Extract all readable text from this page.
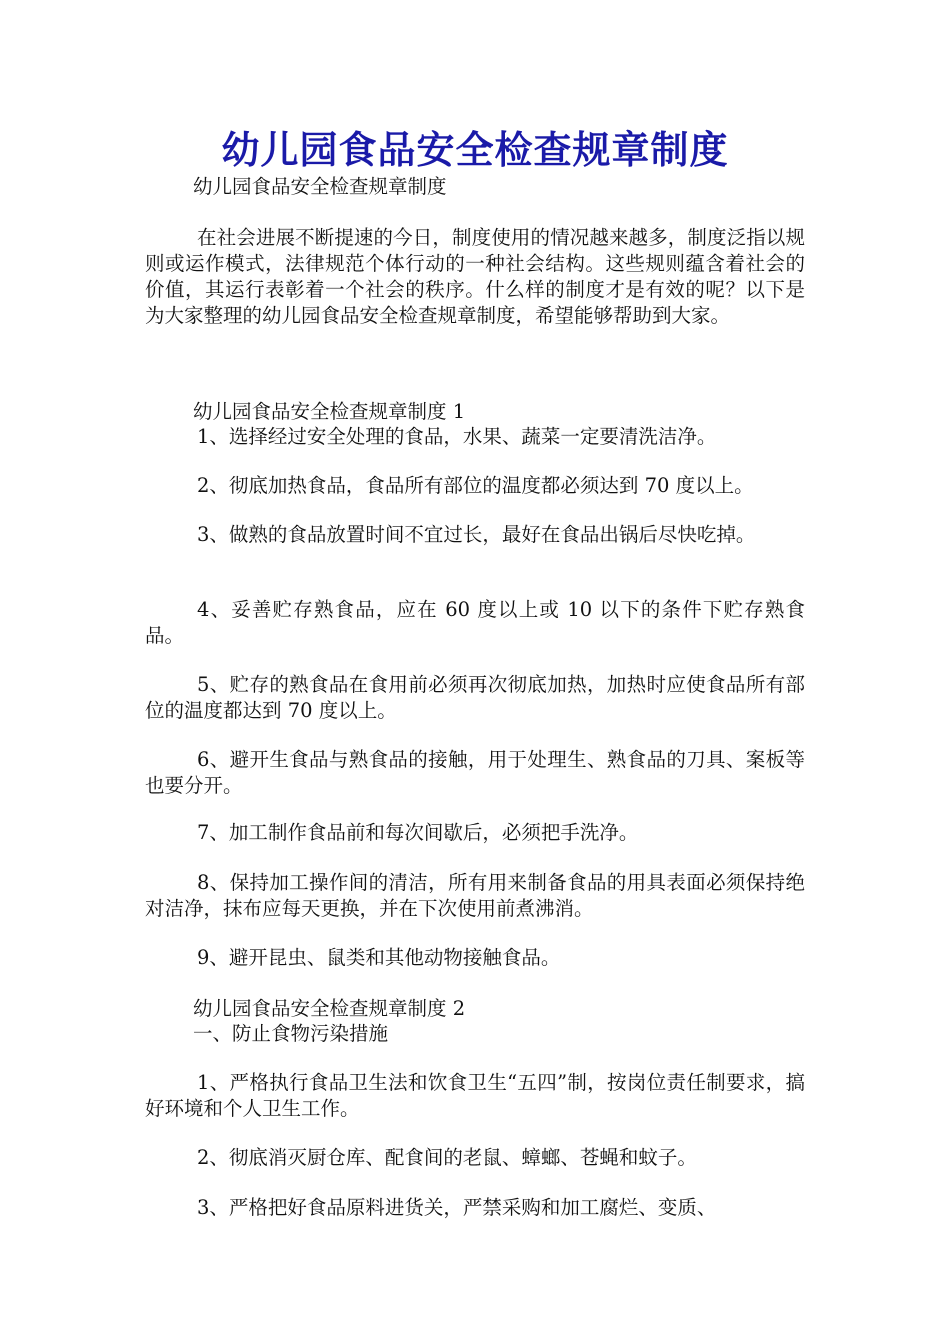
幼儿园食品安全检查规章制度
幼儿园食品安全检查规章制度
在社会进展不断提速的今日，制度使用的情况越来越多，制度泛指以规则或运作模式，法律规范个体行动的一种社会结构。这些规则蕴含着社会的价值，其运行表彰着一个社会的秩序。什么样的制度才是有效的呢？以下是为大家整理的幼儿园食品安全检查规章制度，希望能够帮助到大家。
幼儿园食品安全检查规章制度 1
1、选择经过安全处理的食品，水果、蔬菜一定要清洗洁净。
2、彻底加热食品，食品所有部位的温度都必须达到 70 度以上。
3、做熟的食品放置时间不宜过长，最好在食品出锅后尽快吃掉。
4、妥善贮存熟食品，应在 60 度以上或 10 以下的条件下贮存熟食品。
5、贮存的熟食品在食用前必须再次彻底加热，加热时应使食品所有部位的温度都达到 70 度以上。
6、避开生食品与熟食品的接触，用于处理生、熟食品的刀具、案板等也要分开。
7、加工制作食品前和每次间歇后，必须把手洗净。
8、保持加工操作间的清洁，所有用来制备食品的用具表面必须保持绝对洁净，抹布应每天更换，并在下次使用前煮沸消。
9、避开昆虫、鼠类和其他动物接触食品。
幼儿园食品安全检查规章制度 2
一、防止食物污染措施
1、严格执行食品卫生法和饮食卫生“五四”制，按岗位责任制要求，搞好环境和个人卫生工作。
2、彻底消灭厨仓库、配食间的老鼠、蟑螂、苍蝇和蚊子。
3、严格把好食品原料进货关，严禁采购和加工腐烂、变质、
